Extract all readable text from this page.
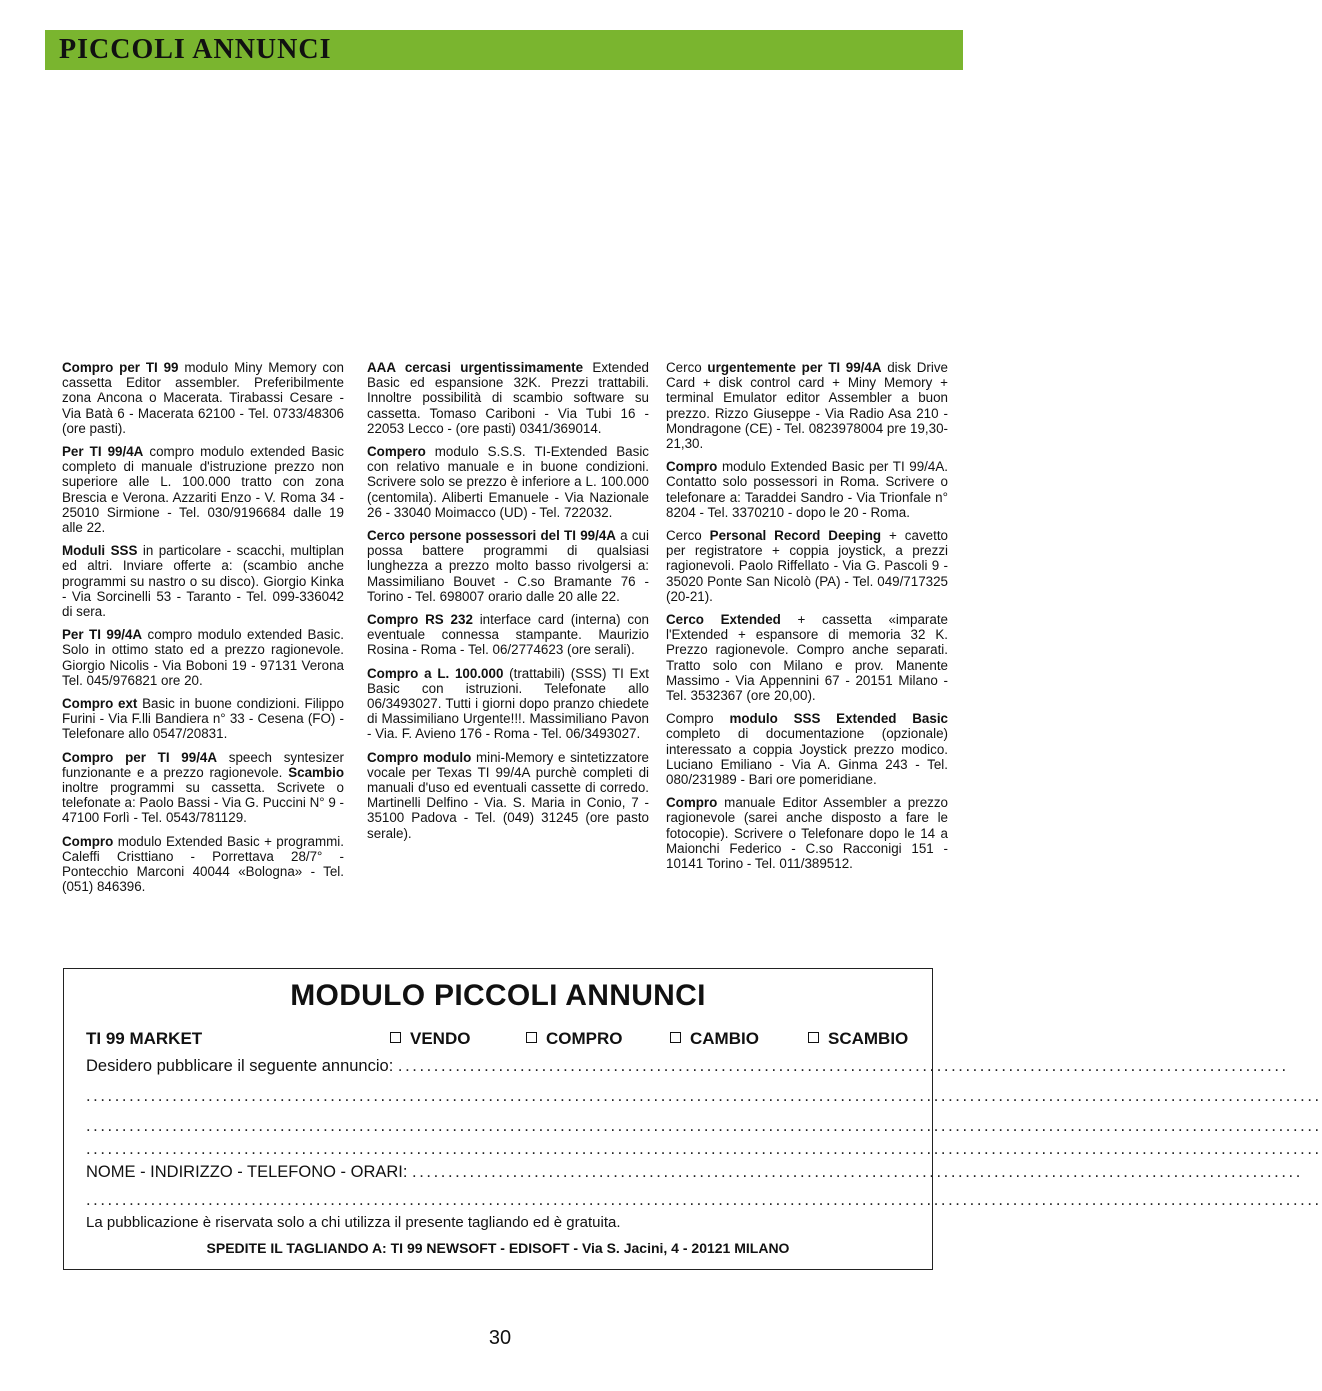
PICCOLI ANNUNCI
Compro per TI 99 modulo Miny Memory con cassetta Editor assembler. Preferibilmente zona Ancona o Macerata. Tirabassi Cesare - Via Batà 6 - Macerata 62100 - Tel. 0733/48306 (ore pasti).
Per TI 99/4A compro modulo extended Basic completo di manuale d'istruzione prezzo non superiore alle L. 100.000 tratto con zona Brescia e Verona. Azzariti Enzo - V. Roma 34 - 25010 Sirmione - Tel. 030/9196684 dalle 19 alle 22.
Moduli SSS in particolare - scacchi, multiplan ed altri. Inviare offerte a: (scambio anche programmi su nastro o su disco). Giorgio Kinka - Via Sorcinelli 53 - Taranto - Tel. 099-336042 di sera.
Per TI 99/4A compro modulo extended Basic. Solo in ottimo stato ed a prezzo ragionevole. Giorgio Nicolis - Via Boboni 19 - 97131 Verona Tel. 045/976821 ore 20.
Compro ext Basic in buone condizioni. Filippo Furini - Via F.lli Bandiera n° 33 - Cesena (FO) - Telefonare allo 0547/20831.
Compro per TI 99/4A speech syntesizer funzionante e a prezzo ragionevole. Scambio inoltre programmi su cassetta. Scrivete o telefonate a: Paolo Bassi - Via G. Puccini N° 9 - 47100 Forlì - Tel. 0543/781129.
Compro modulo Extended Basic + programmi. Caleffi Cristtiano - Porrettava 28/7° - Pontecchio Marconi 40044 «Bologna» - Tel. (051) 846396.
AAA cercasi urgentissimamente Extended Basic ed espansione 32K. Prezzi trattabili. Innoltre possibilità di scambio software su cassetta. Tomaso Cariboni - Via Tubi 16 - 22053 Lecco - (ore pasti) 0341/369014.
Compero modulo S.S.S. TI-Extended Basic con relativo manuale e in buone condizioni. Scrivere solo se prezzo è inferiore a L. 100.000 (centomila). Aliberti Emanuele - Via Nazionale 26 - 33040 Moimacco (UD) - Tel. 722032.
Cerco persone possessori del TI 99/4A a cui possa battere programmi di qualsiasi lunghezza a prezzo molto basso rivolgersi a: Massimiliano Bouvet - C.so Bramante 76 - Torino - Tel. 698007 orario dalle 20 alle 22.
Compro RS 232 interface card (interna) con eventuale connessa stampante. Maurizio Rosina - Roma - Tel. 06/2774623 (ore serali).
Compro a L. 100.000 (trattabili) (SSS) TI Ext Basic con istruzioni. Telefonate allo 06/3493027. Tutti i giorni dopo pranzo chiedete di Massimiliano Urgente!!!. Massimiliano Pavon - Via. F. Avieno 176 - Roma - Tel. 06/3493027.
Compro modulo mini-Memory e sintetizzatore vocale per Texas TI 99/4A purchè completi di manuali d'uso ed eventuali cassette di corredo. Martinelli Delfino - Via. S. Maria in Conio, 7 - 35100 Padova - Tel. (049) 31245 (ore pasto serale).
Cerco urgentemente per TI 99/4A disk Drive Card + disk control card + Miny Memory + terminal Emulator editor Assembler a buon prezzo. Rizzo Giuseppe - Via Radio Asa 210 - Mondragone (CE) - Tel. 0823978004 pre 19,30-21,30.
Compro modulo Extended Basic per TI 99/4A. Contatto solo possessori in Roma. Scrivere o telefonare a: Taraddei Sandro - Via Trionfale n° 8204 - Tel. 3370210 - dopo le 20 - Roma.
Cerco Personal Record Deeping + cavetto per registratore + coppia joystick, a prezzi ragionevoli. Paolo Riffellato - Via G. Pascoli 9 - 35020 Ponte San Nicolò (PA) - Tel. 049/717325 (20-21).
Cerco Extended + cassetta «imparate l'Extended + espansore di memoria 32 K. Prezzo ragionevole. Compro anche separati. Tratto solo con Milano e prov. Manente Massimo - Via Appennini 67 - 20151 Milano - Tel. 3532367 (ore 20,00).
Compro modulo SSS Extended Basic completo di documentazione (opzionale) interessato a coppia Joystick prezzo modico. Luciano Emiliano - Via A. Ginma 243 - Tel. 080/231989 - Bari ore pomeridiane.
Compro manuale Editor Assembler a prezzo ragionevole (sarei anche disposto a fare le fotocopie). Scrivere o Telefonare dopo le 14 a Maionchi Federico - C.so Racconigi 151 - 10141 Torino - Tel. 011/389512.
MODULO PICCOLI ANNUNCI
TI 99 MARKET	VENDO	COMPRO	CAMBIO	SCAMBIO
Desidero pubblicare il seguente annuncio: ............................................................................................................................
............................................................................................................................................................................
............................................................................................................................................................................
............................................................................................................................................................................
NOME - INDIRIZZO - TELEFONO - ORARI: ............................................................................................................................
............................................................................................................................................................................
La pubblicazione è riservata solo a chi utilizza il presente tagliando ed è gratuita.
SPEDITE IL TAGLIANDO A: TI 99 NEWSOFT - EDISOFT - Via S. Jacini, 4 - 20121 MILANO
30
